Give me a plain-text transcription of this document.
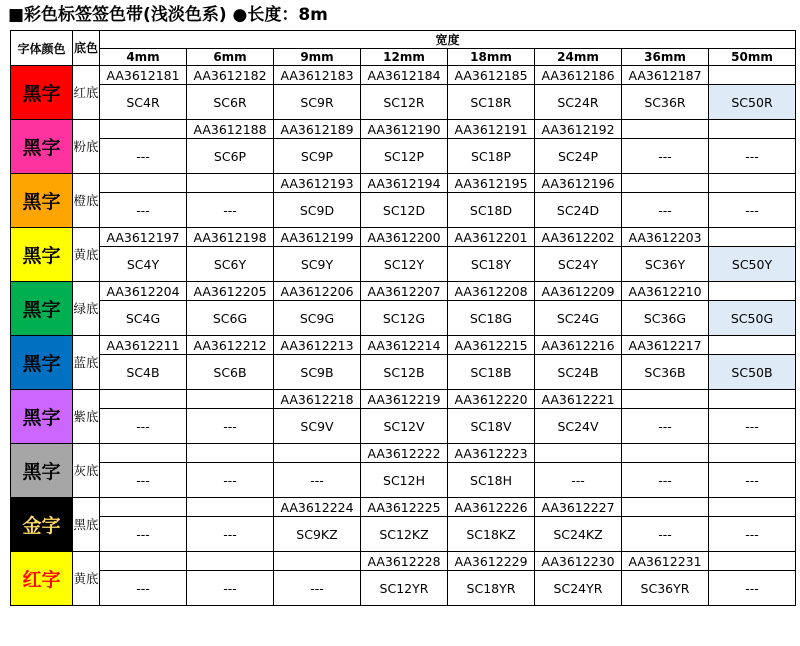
■彩色标签签色带(浅淡色系) ●长度：8m
字体颜色	底色	宽度							
		4mm	6mm	9mm	12mm	18mm	24mm	36mm	50mm
黑字	红底	AA3612181	AA3612182	AA3612183	AA3612184	AA3612185	AA3612186	AA3612187	
		SC4R	SC6R	SC9R	SC12R	SC18R	SC24R	SC36R	SC50R
黑字	粉底		AA3612188	AA3612189	AA3612190	AA3612191	AA3612192		
		---	SC6P	SC9P	SC12P	SC18P	SC24P	---	---
黑字	橙底			AA3612193	AA3612194	AA3612195	AA3612196		
		---	---	SC9D	SC12D	SC18D	SC24D	---	---
黑字	黄底	AA3612197	AA3612198	AA3612199	AA3612200	AA3612201	AA3612202	AA3612203	
		SC4Y	SC6Y	SC9Y	SC12Y	SC18Y	SC24Y	SC36Y	SC50Y
黑字	绿底	AA3612204	AA3612205	AA3612206	AA3612207	AA3612208	AA3612209	AA3612210	
		SC4G	SC6G	SC9G	SC12G	SC18G	SC24G	SC36G	SC50G
黑字	蓝底	AA3612211	AA3612212	AA3612213	AA3612214	AA3612215	AA3612216	AA3612217	
		SC4B	SC6B	SC9B	SC12B	SC18B	SC24B	SC36B	SC50B
黑字	紫底			AA3612218	AA3612219	AA3612220	AA3612221		
		---	---	SC9V	SC12V	SC18V	SC24V	---	---
黑字	灰底				AA3612222	AA3612223			
		---	---	---	SC12H	SC18H	---	---	---
金字	黑底			AA3612224	AA3612225	AA3612226	AA3612227		
		---	---	SC9KZ	SC12KZ	SC18KZ	SC24KZ	---	---
红字	黄底				AA3612228	AA3612229	AA3612230	AA3612231	
		---	---	---	SC12YR	SC18YR	SC24YR	SC36YR	---
